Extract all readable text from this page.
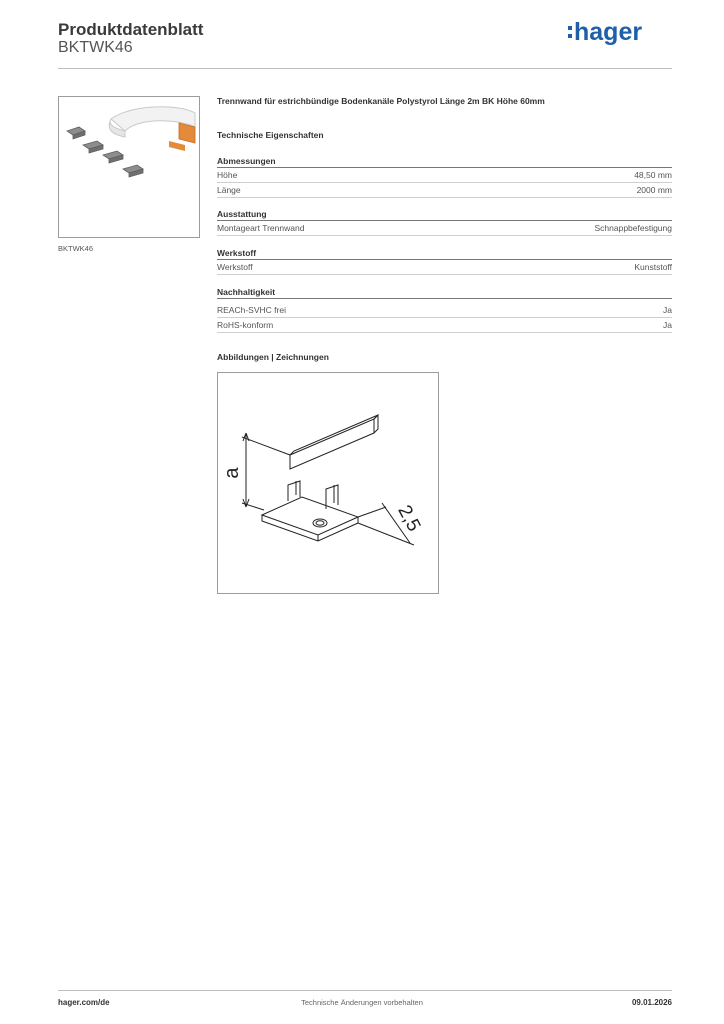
Produktdatenblatt
BKTWK46
hager
BKTWK46
Trennwand für estrichbündige Bodenkanäle Polystyrol Länge 2m BK Höhe 60mm
Technische Eigenschaften
Abmessungen
Höhe	48,50 mm
Länge	2000 mm
Ausstattung
Montageart Trennwand	Schnappbefestigung
Werkstoff
Werkstoff	Kunststoff
Nachhaltigkeit
REACh-SVHC frei	Ja
RoHS-konform	Ja
Abbildungen | Zeichnungen
a
2,5
hager.com/de	Technische Änderungen vorbehalten	09.01.2026
